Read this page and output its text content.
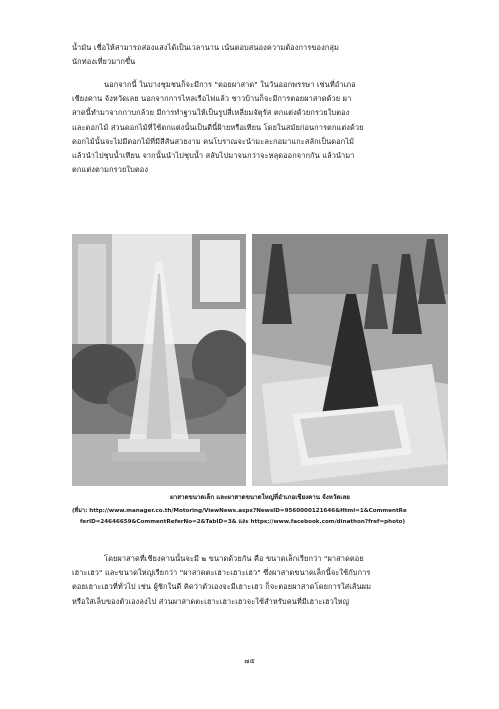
น้ำมัน เชื่อให้สามารถส่องแสงได้เป็นเวลานาน เน้นตอบสนองความต้องการของกลุ่ม
นักท่องเที่ยวมากขึ้น
นอกจากนี้ ในบางชุมชนก็จะมีการ "ตอยผาสาด" ในวันออกพรรษา เช่นที่อำเภอ
เชียงคาน จังหวัดเลย นอกจากการไหลเรือไฟแล้ว ชาวบ้านก็จะมีการตอยผาสาดด้วย ผา
สาดนี้ทำมาจากกาบกล้วย มีการทำฐานให้เป็นรูปสี่เหลี่ยมจัตุรัส ตกแต่งด้วยกรวยใบตอง
และดอกไม้ ส่วนดอกไม้ที่ใช้ตกแต่งนั้นเป็นดีนี้ฝ้ายหรือเทียน โดยในสมัยก่อนการตกแต่งด้วย
ดอกไม้นั้นจะไม่มีดอกไม้ที่มีสีสันสวยงาม คนโบราณจะนำมะละกอมาแกะสลักเป็นดอกไม้
แล้วนำไปชุบน้ำเทียน จากนั้นนำไปชุบน้ำ สลับไปมาจนกว่าจะหลุดออกจากกัน แล้วนำมา
ตกแต่งตามกรวยใบตอง
ผาสาดขนาดเล็ก และผาสาดขนาดใหญ่ที่อำเภอเชียงคาน จังหวัดเลย
(ที่มา: http://www.manager.co.th/Motoring/ViewNews.aspx?NewsID=9560000121646&Html=1&CommentRe
ferID=24646659&CommentReferNo=2&TabID=3& และ https://www.facebook.com/dinathon?fref=photo)
โดยผาสาดที่เชียงคานนั้นจะมี ๒ ขนาดด้วยกัน คือ ขนาดเล็กเรียกว่า "ผาสาดตอย
เฮาะเฮว" และขนาดใหญ่เรียกว่า "ผาสาดตะเฮาะเฮาะเฮว" ซึ่งผาสาดขนาดเล็กนี้จะใช้กับการ
ตอยเฮาะเฮวที่ทั่วไป เช่น ผู้ชิกในดี คิดว่าตัวเองจะมีเฮาะเฮว ก็จะตอยผาสาดโดยการใส่เส้นผม
หรือใส่เล็บของตัวเองลงไป ส่วนผาสาดตะเฮาะเฮาะเฮวจะใช้สำหรับคนที่มีเฮาะเฮวใหญ่
๗๕
